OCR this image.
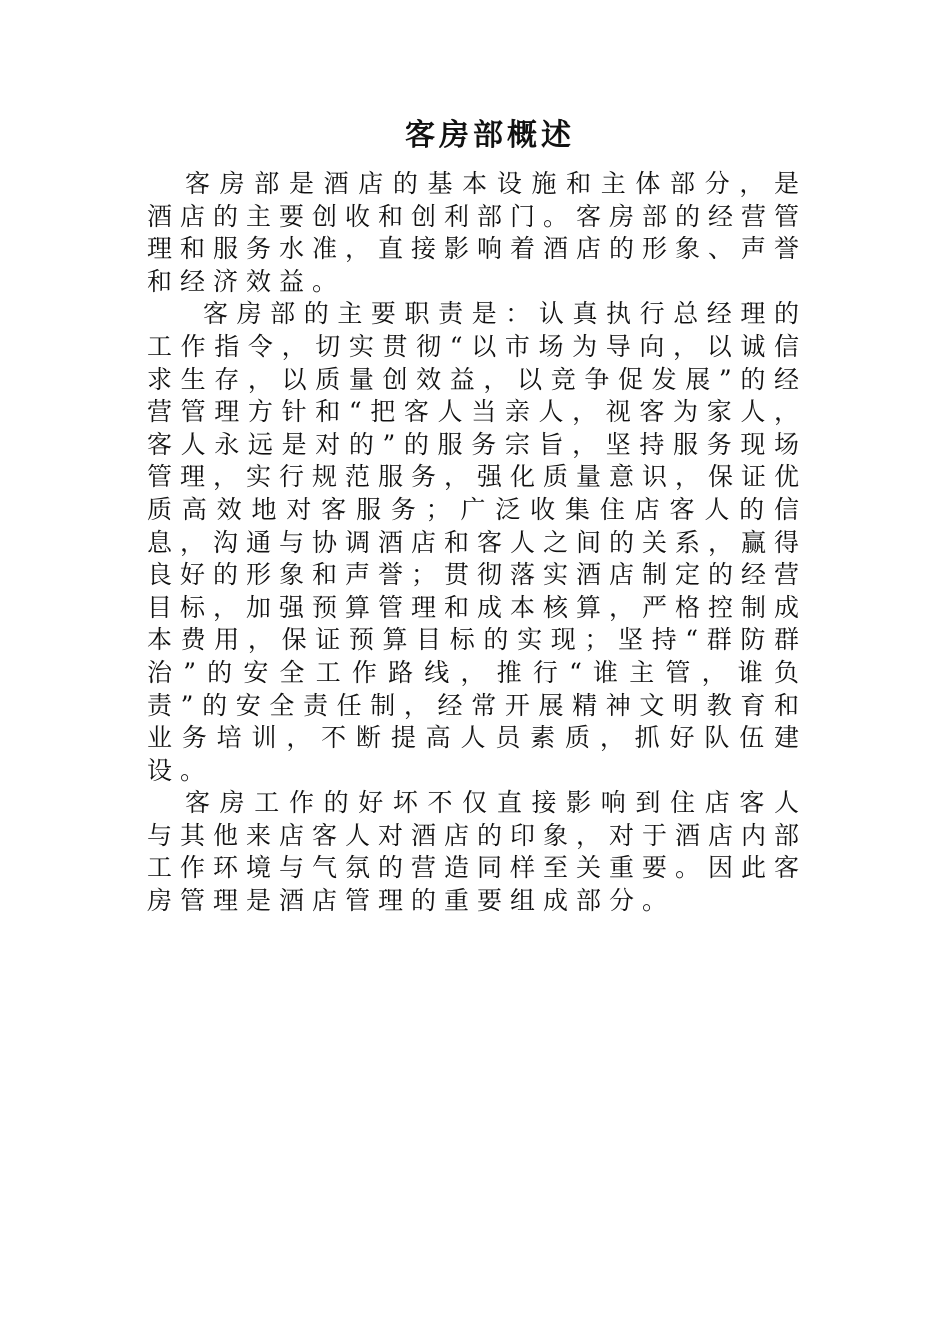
客房部概述

客房部是酒店的基本设施和主体部分，是酒店的主要创收和创利部门。客房部的经营管理和服务水准，直接影响着酒店的形象、声誉和经济效益。

客房部的主要职责是：认真执行总经理的工作指令，切实贯彻“以市场为导向，以诚信求生存，以质量创效益，以竞争促发展”的经营管理方针和“把客人当亲人，视客为家人，客人永远是对的”的服务宗旨，坚持服务现场管理，实行规范服务，强化质量意识，保证优质高效地对客服务；广泛收集住店客人的信息，沟通与协调酒店和客人之间的关系，赢得良好的形象和声誉；贯彻落实酒店制定的经营目标，加强预算管理和成本核算，严格控制成本费用，保证预算目标的实现；坚持“群防群治”的安全工作路线，推行“谁主管，谁负责”的安全责任制，经常开展精神文明教育和业务培训，不断提高人员素质，抓好队伍建设。

客房工作的好坏不仅直接影响到住店客人与其他来店客人对酒店的印象，对于酒店内部工作环境与气氛的营造同样至关重要。因此客房管理是酒店管理的重要组成部分。
